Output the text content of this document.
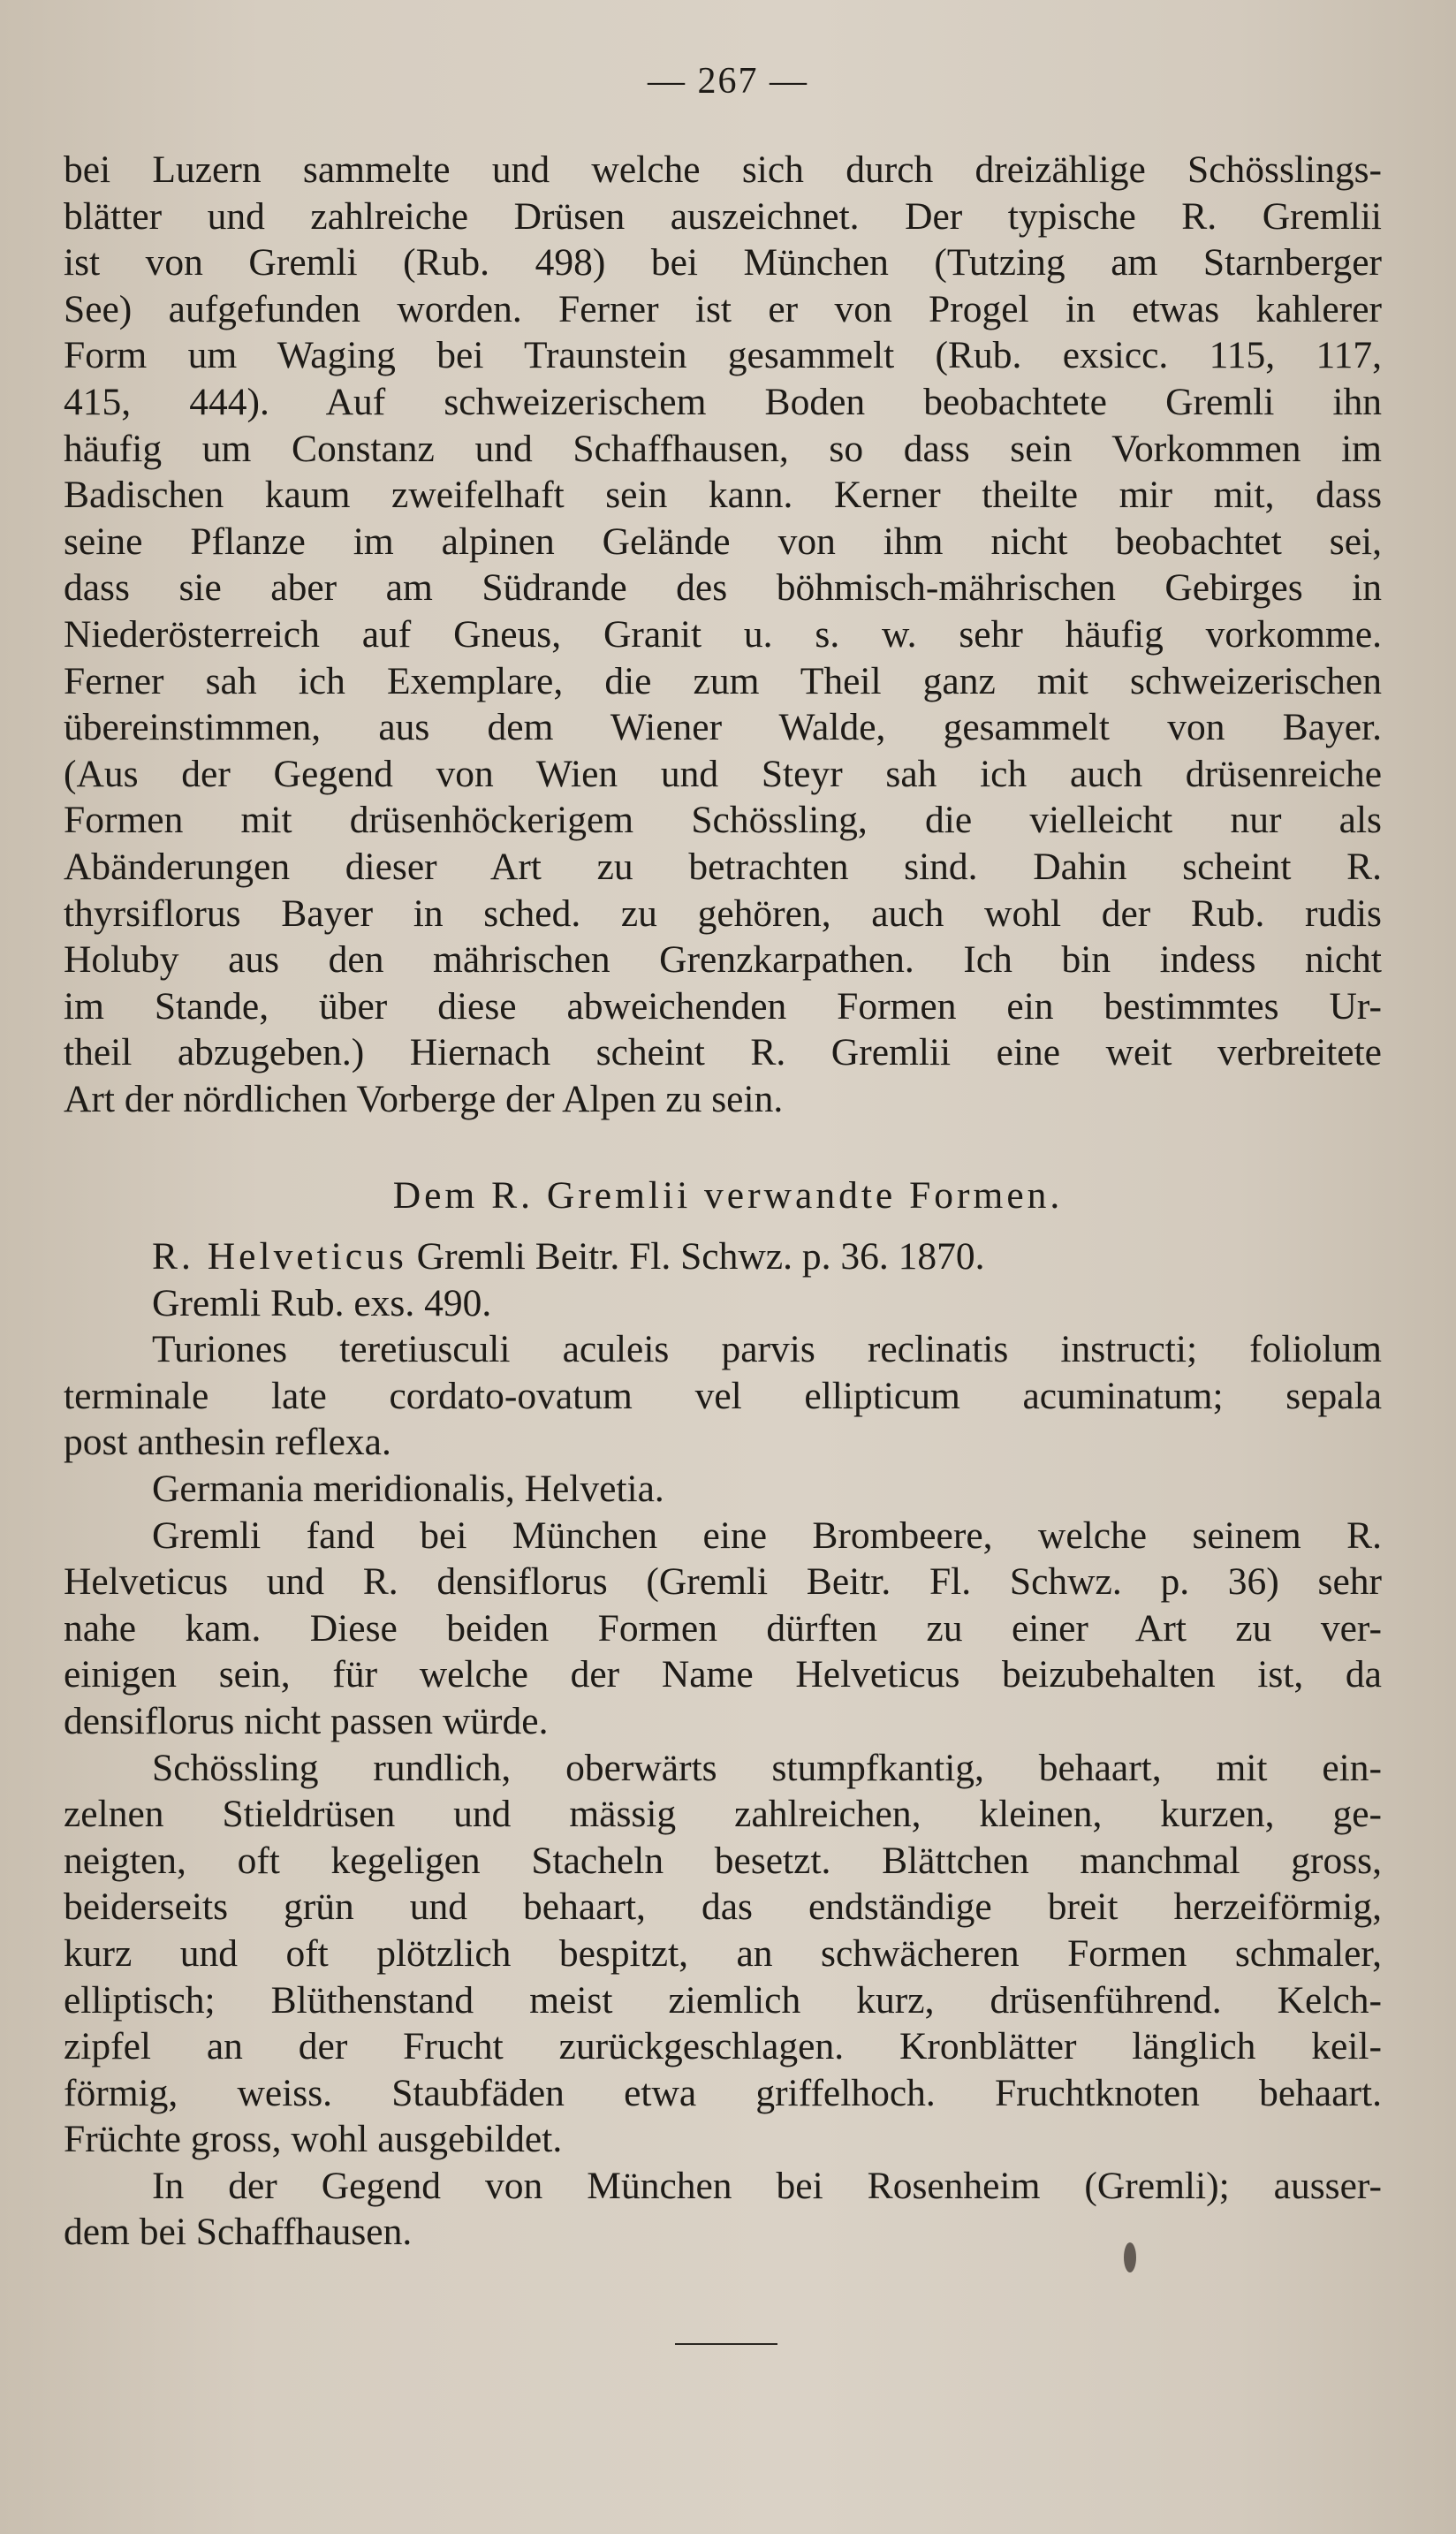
— 267 —
bei Luzern sammelte und welche sich durch dreizählige Schösslings-
blätter und zahlreiche Drüsen auszeichnet. Der typische R. Gremlii
ist von Gremli (Rub. 498) bei München (Tutzing am Starnberger
See) aufgefunden worden. Ferner ist er von Progel in etwas kahlerer
Form um Waging bei Traunstein gesammelt (Rub. exsicc. 115, 117,
415, 444). Auf schweizerischem Boden beobachtete Gremli ihn
häufig um Constanz und Schaffhausen, so dass sein Vorkommen im
Badischen kaum zweifelhaft sein kann. Kerner theilte mir mit, dass
seine Pflanze im alpinen Gelände von ihm nicht beobachtet sei,
dass sie aber am Südrande des böhmisch-mährischen Gebirges in
Niederösterreich auf Gneus, Granit u. s. w. sehr häufig vorkomme.
Ferner sah ich Exemplare, die zum Theil ganz mit schweizerischen
übereinstimmen, aus dem Wiener Walde, gesammelt von Bayer.
(Aus der Gegend von Wien und Steyr sah ich auch drüsenreiche
Formen mit drüsenhöckerigem Schössling, die vielleicht nur als
Abänderungen dieser Art zu betrachten sind. Dahin scheint R.
thyrsiflorus Bayer in sched. zu gehören, auch wohl der Rub. rudis
Holuby aus den mährischen Grenzkarpathen. Ich bin indess nicht
im Stande, über diese abweichenden Formen ein bestimmtes Ur-
theil abzugeben.) Hiernach scheint R. Gremlii eine weit verbreitete
Art der nördlichen Vorberge der Alpen zu sein.
Dem R. Gremlii verwandte Formen.
R. Helveticus Gremli Beitr. Fl. Schwz. p. 36. 1870.
Gremli Rub. exs. 490.
Turiones teretiusculi aculeis parvis reclinatis instructi; foliolum
terminale late cordato-ovatum vel ellipticum acuminatum; sepala
post anthesin reflexa.
Germania meridionalis, Helvetia.
Gremli fand bei München eine Brombeere, welche seinem R.
Helveticus und R. densiflorus (Gremli Beitr. Fl. Schwz. p. 36) sehr
nahe kam. Diese beiden Formen dürften zu einer Art zu ver-
einigen sein, für welche der Name Helveticus beizubehalten ist, da
densiflorus nicht passen würde.
Schössling rundlich, oberwärts stumpfkantig, behaart, mit ein-
zelnen Stieldrüsen und mässig zahlreichen, kleinen, kurzen, ge-
neigten, oft kegeligen Stacheln besetzt. Blättchen manchmal gross,
beiderseits grün und behaart, das endständige breit herzeiförmig,
kurz und oft plötzlich bespitzt, an schwächeren Formen schmaler,
elliptisch; Blüthenstand meist ziemlich kurz, drüsenführend. Kelch-
zipfel an der Frucht zurückgeschlagen. Kronblätter länglich keil-
förmig, weiss. Staubfäden etwa griffelhoch. Fruchtknoten behaart.
Früchte gross, wohl ausgebildet.
In der Gegend von München bei Rosenheim (Gremli); ausser-
dem bei Schaffhausen.
